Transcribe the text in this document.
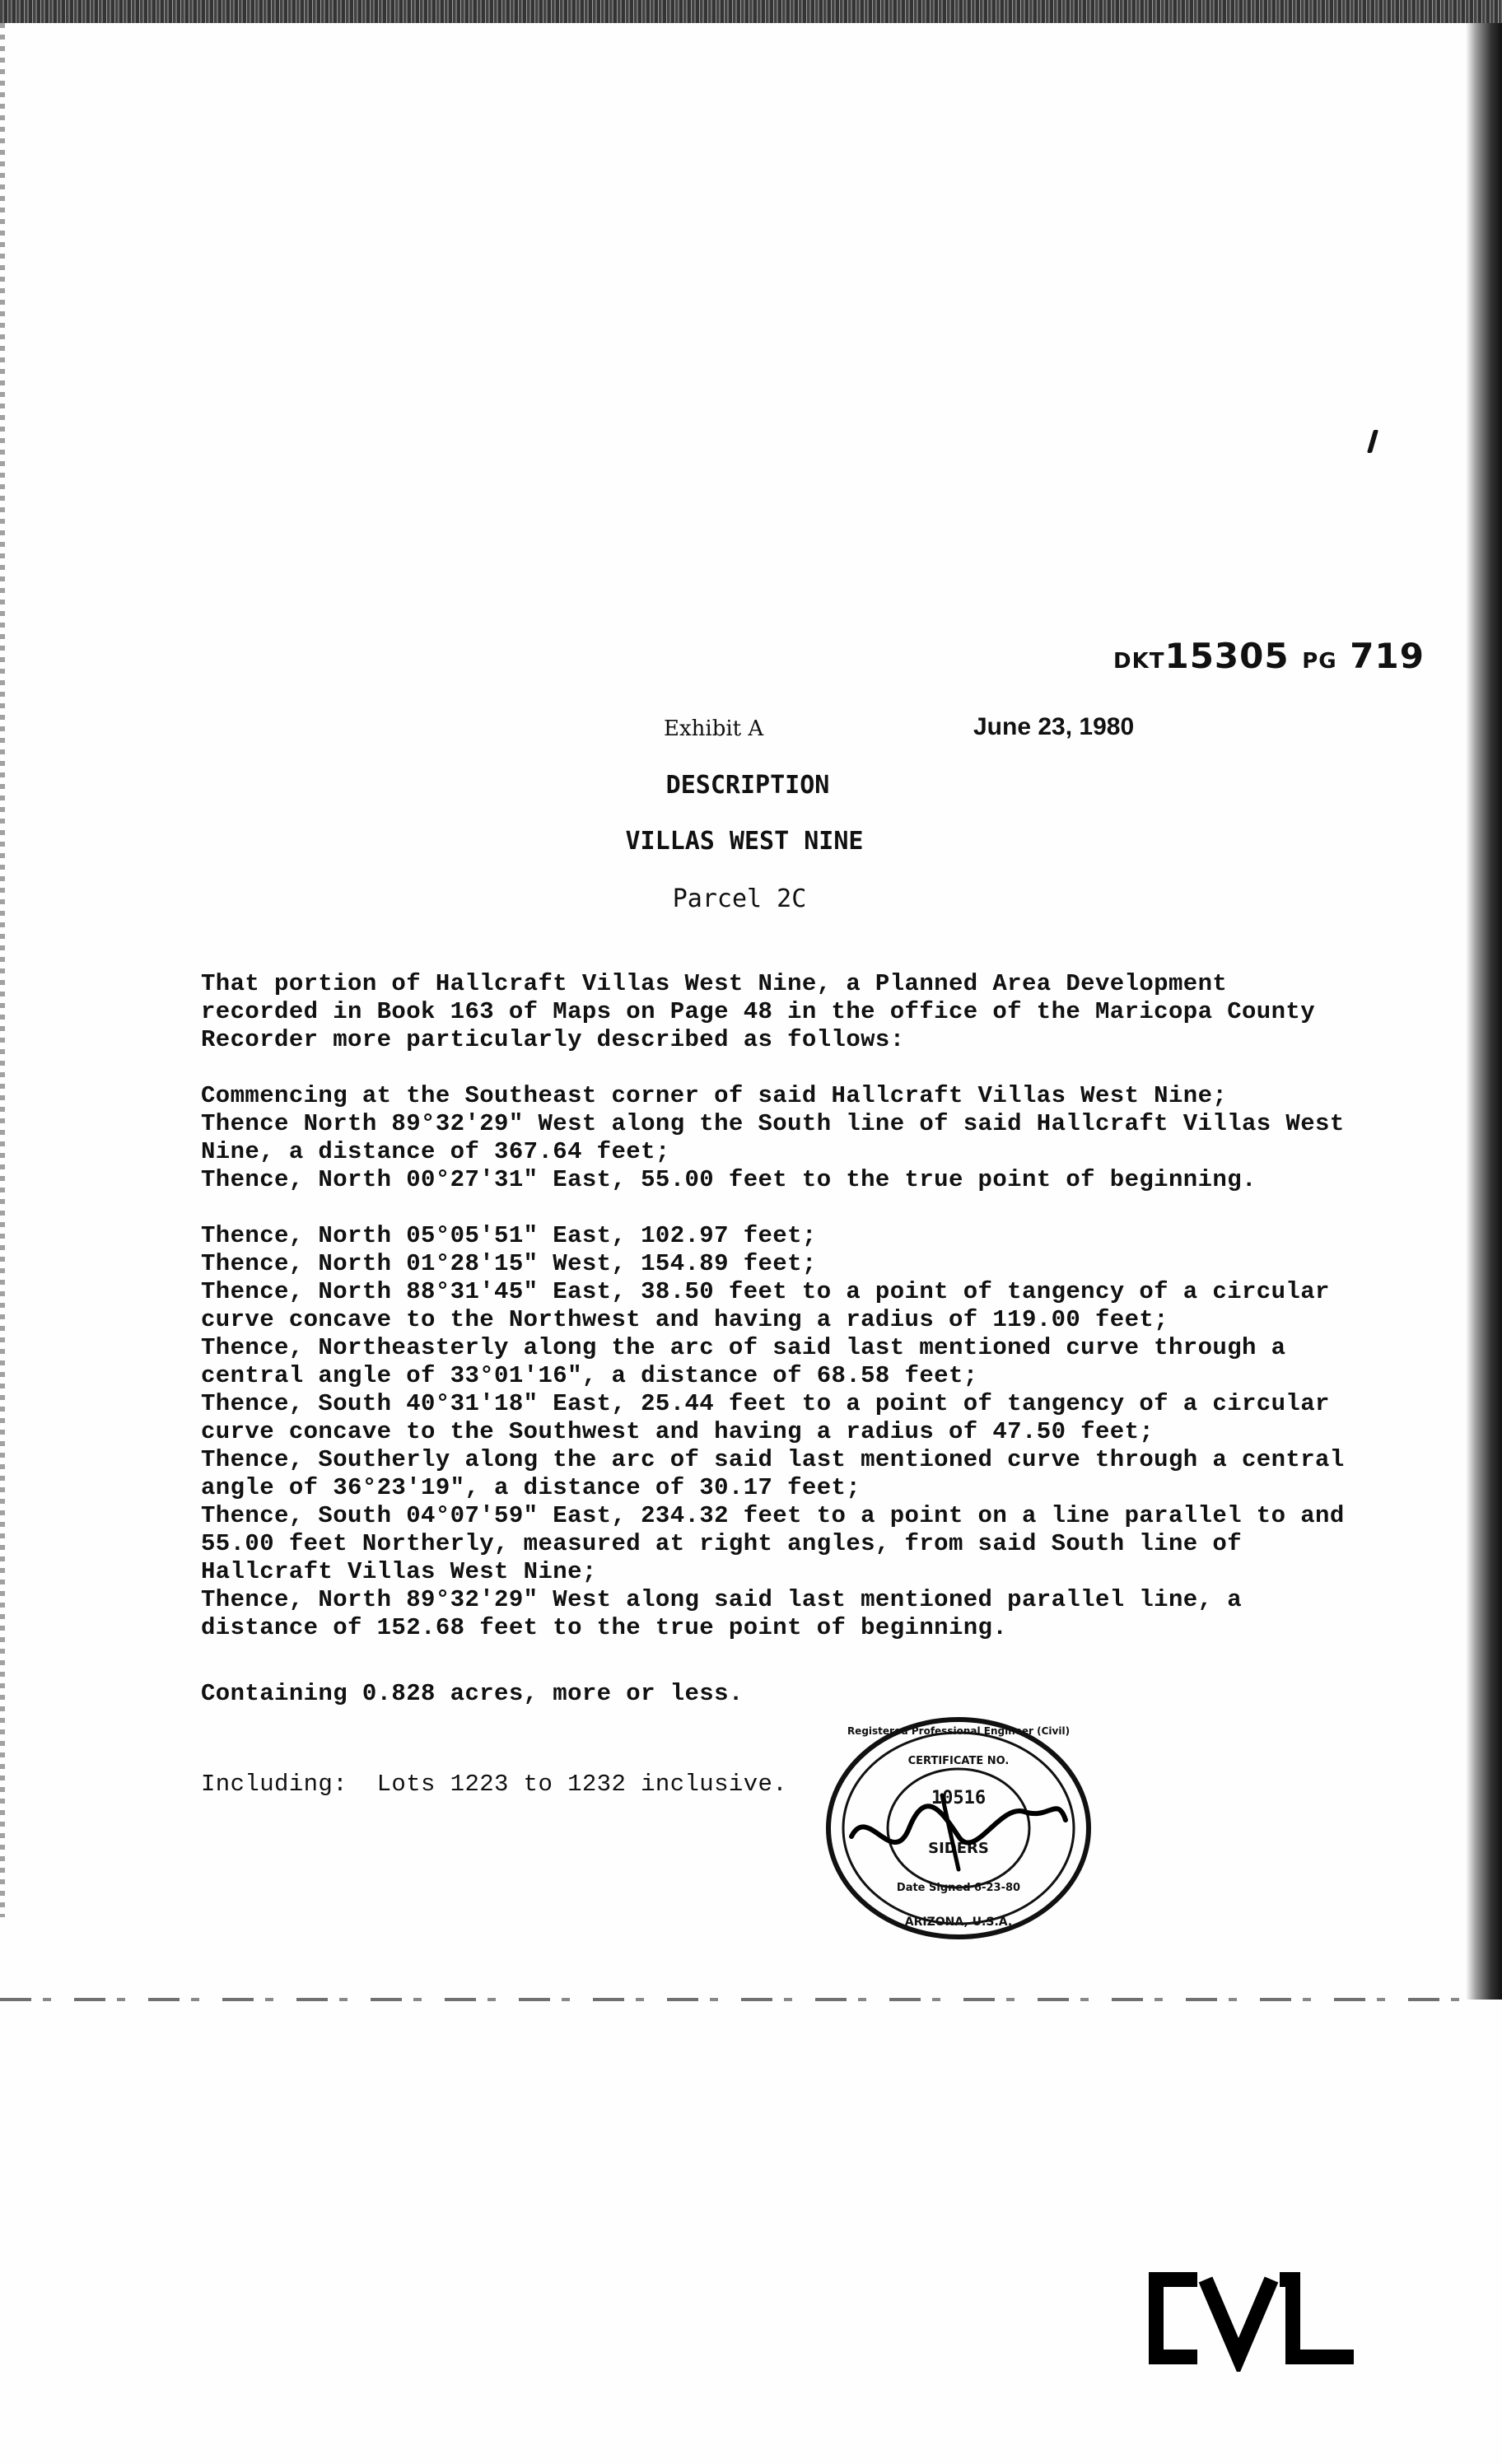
DKT15305 PG 719
Exhibit A	June 23, 1980
DESCRIPTION
VILLAS WEST NINE
Parcel 2C
That portion of Hallcraft Villas West Nine, a Planned Area Development
recorded in Book 163 of Maps on Page 48 in the office of the Maricopa County
Recorder more particularly described as follows:
Commencing at the Southeast corner of said Hallcraft Villas West Nine;
Thence North 89°32'29" West along the South line of said Hallcraft Villas West
Nine, a distance of 367.64 feet;
Thence, North 00°27'31" East, 55.00 feet to the true point of beginning.
Thence, North 05°05'51" East, 102.97 feet;
Thence, North 01°28'15" West, 154.89 feet;
Thence, North 88°31'45" East, 38.50 feet to a point of tangency of a circular
curve concave to the Northwest and having a radius of 119.00 feet;
Thence, Northeasterly along the arc of said last mentioned curve through a
central angle of 33°01'16", a distance of 68.58 feet;
Thence, South 40°31'18" East, 25.44 feet to a point of tangency of a circular
curve concave to the Southwest and having a radius of 47.50 feet;
Thence, Southerly along the arc of said last mentioned curve through a central
angle of 36°23'19", a distance of 30.17 feet;
Thence, South 04°07'59" East, 234.32 feet to a point on a line parallel to and
55.00 feet Northerly, measured at right angles, from said South line of
Hallcraft Villas West Nine;
Thence, North 89°32'29" West along said last mentioned parallel line, a
distance of 152.68 feet to the true point of beginning.
Containing 0.828 acres, more or less.
Including:  Lots 1223 to 1232 inclusive.
CERTIFICATE NO.
10516
SIDERS
Registered Professional Engineer (Civil)
Date Signed 6-23-80
ARIZONA, U.S.A.
CVL
